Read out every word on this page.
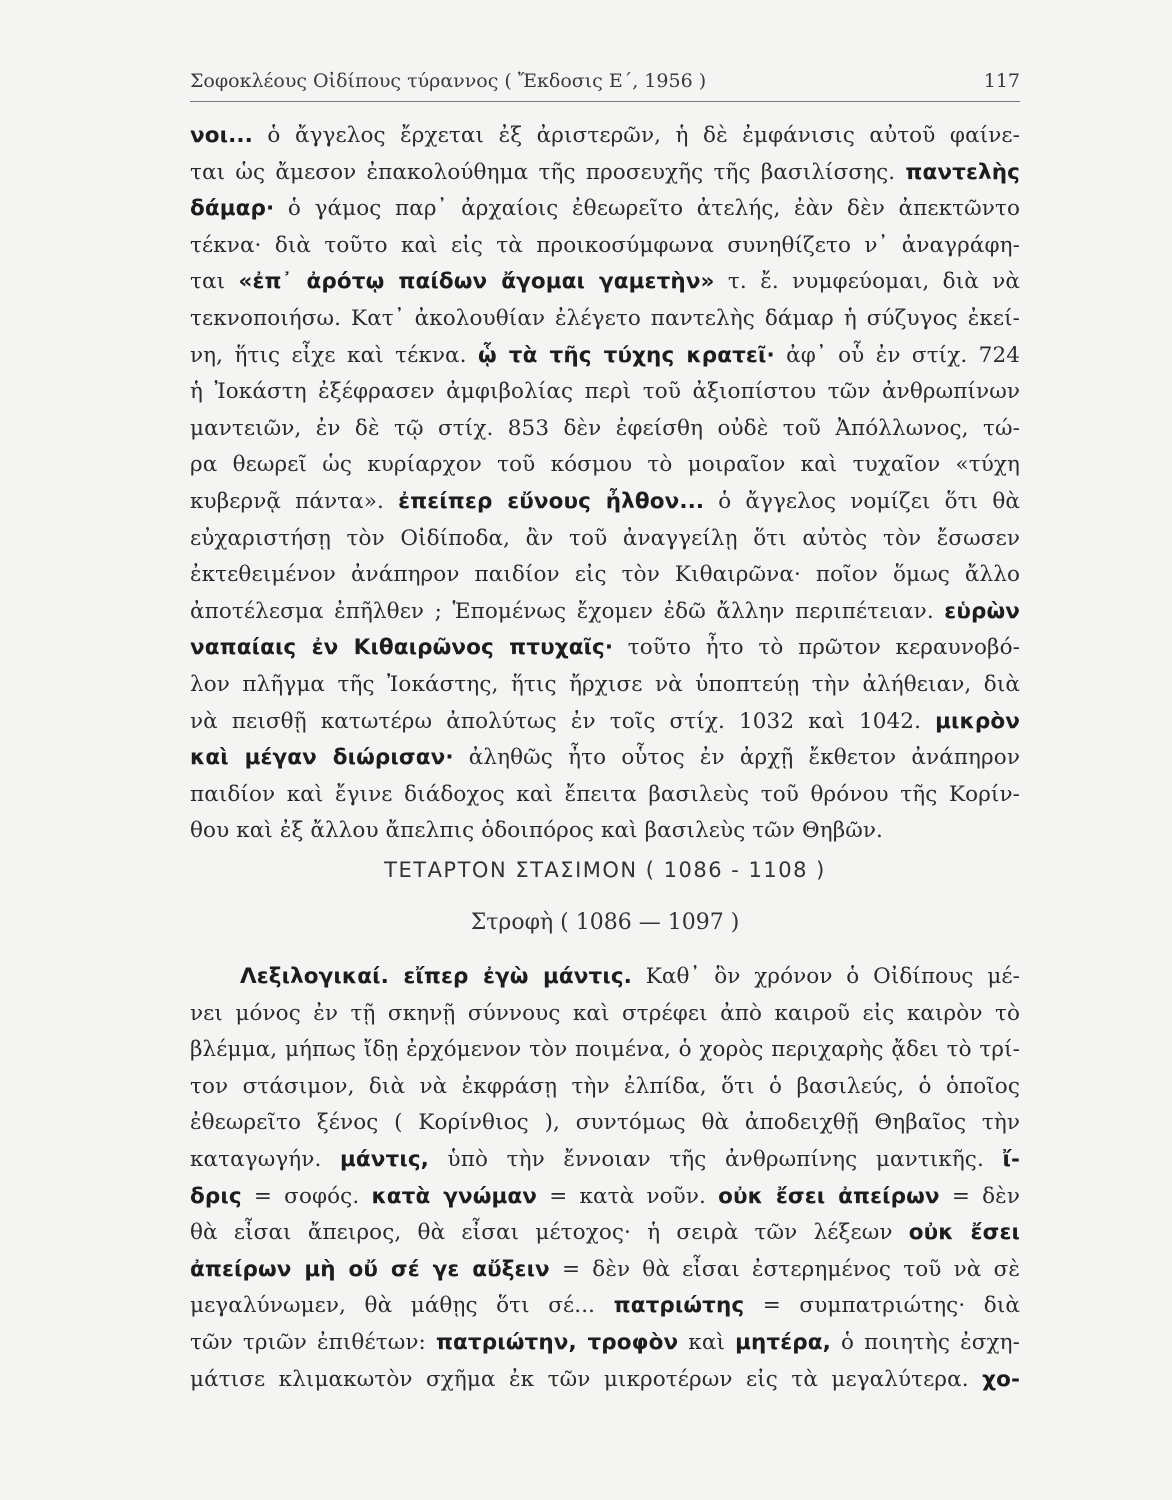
Σοφοκλέους Οἰδίπους τύραννος ( Ἔκδοσις Ε΄, 1956 )	117
νοι... ὁ ἄγγελος ἔρχεται ἐξ ἀριστερῶν, ἡ δὲ ἐμφάνισις αὐτοῦ φαίνε-
ται ὡς ἄμεσον ἐπακολούθημα τῆς προσευχῆς τῆς βασιλίσσης. παντελὴς
δάμαρ· ὁ γάμος παρ᾽ ἀρχαίοις ἐθεωρεῖτο ἀτελής, ἐὰν δὲν ἀπεκτῶντο
τέκνα· διὰ τοῦτο καὶ εἰς τὰ προικοσύμφωνα συνηθίζετο ν᾽ ἀναγράφη-
ται «ἐπ᾽ ἀρότῳ παίδων ἄγομαι γαμετὴν» τ. ἔ. νυμφεύομαι, διὰ νὰ
τεκνοποιήσω. Κατ᾽ ἀκολουθίαν ἐλέγετο παντελὴς δάμαρ ἡ σύζυγος ἐκεί-
νη, ἥτις εἶχε καὶ τέκνα. ᾧ τὰ τῆς τύχης κρατεῖ· ἀφ᾽ οὗ ἐν στίχ. 724
ἡ Ἰοκάστη ἐξέφρασεν ἀμφιβολίας περὶ τοῦ ἀξιοπίστου τῶν ἀνθρωπίνων
μαντειῶν, ἐν δὲ τῷ στίχ. 853 δὲν ἐφείσθη οὐδὲ τοῦ Ἀπόλλωνος, τώ-
ρα θεωρεῖ ὡς κυρίαρχον τοῦ κόσμου τὸ μοιραῖον καὶ τυχαῖον «τύχη
κυβερνᾷ πάντα». ἐπείπερ εὔνους ἦλθον... ὁ ἄγγελος νομίζει ὅτι θὰ
εὐχαριστήσῃ τὸν Οἰδίποδα, ἂν τοῦ ἀναγγείλῃ ὅτι αὐτὸς τὸν ἔσωσεν
ἐκτεθειμένον ἀνάπηρον παιδίον εἰς τὸν Κιθαιρῶνα· ποῖον ὅμως ἄλλο
ἀποτέλεσμα ἐπῆλθεν ; Ἑπομένως ἔχομεν ἐδῶ ἄλλην περιπέτειαν. εὑρὼν
ναπαίαις ἐν Κιθαιρῶνος πτυχαῖς· τοῦτο ἦτο τὸ πρῶτον κεραυνοβό-
λον πλῆγμα τῆς Ἰοκάστης, ἥτις ἤρχισε νὰ ὑποπτεύῃ τὴν ἀλήθειαν, διὰ
νὰ πεισθῇ κατωτέρω ἀπολύτως ἐν τοῖς στίχ. 1032 καὶ 1042. μικρὸν
καὶ μέγαν διώρισαν· ἀληθῶς ἦτο οὗτος ἐν ἀρχῇ ἔκθετον ἀνάπηρον
παιδίον καὶ ἔγινε διάδοχος καὶ ἔπειτα βασιλεὺς τοῦ θρόνου τῆς Κορίν-
θου καὶ ἐξ ἄλλου ἄπελπις ὁδοιπόρος καὶ βασιλεὺς τῶν Θηβῶν.
ΤΕΤΑΡΤΟΝ ΣΤΑΣΙΜΟΝ ( 1086 - 1108 )
Στροφὴ ( 1086 — 1097 )
Λεξιλογικαί. εἴπερ ἐγὼ μάντις. Καθ᾽ ὃν χρόνον ὁ Οἰδίπους μέ-
νει μόνος ἐν τῇ σκηνῇ σύννους καὶ στρέφει ἀπὸ καιροῦ εἰς καιρὸν τὸ
βλέμμα, μήπως ἴδῃ ἐρχόμενον τὸν ποιμένα, ὁ χορὸς περιχαρὴς ᾄδει τὸ τρί-
τον στάσιμον, διὰ νὰ ἐκφράσῃ τὴν ἐλπίδα, ὅτι ὁ βασιλεύς, ὁ ὁποῖος
ἐθεωρεῖτο ξένος ( Κορίνθιος ), συντόμως θὰ ἀποδειχθῇ Θηβαῖος τὴν
καταγωγήν. μάντις, ὑπὸ τὴν ἔννοιαν τῆς ἀνθρωπίνης μαντικῆς. ἴ-
δρις = σοφός. κατὰ γνώμαν = κατὰ νοῦν. οὐκ ἔσει ἀπείρων = δὲν
θὰ εἶσαι ἄπειρος, θὰ εἶσαι μέτοχος· ἡ σειρὰ τῶν λέξεων οὐκ ἔσει
ἀπείρων μὴ οὔ σέ γε αὔξειν = δὲν θὰ εἶσαι ἐστερημένος τοῦ νὰ σὲ
μεγαλύνωμεν, θὰ μάθῃς ὅτι σέ... πατριώτης = συμπατριώτης· διὰ
τῶν τριῶν ἐπιθέτων: πατριώτην, τροφὸν καὶ μητέρα, ὁ ποιητὴς ἐσχη-
μάτισε κλιμακωτὸν σχῆμα ἐκ τῶν μικροτέρων εἰς τὰ μεγαλύτερα. χο-
